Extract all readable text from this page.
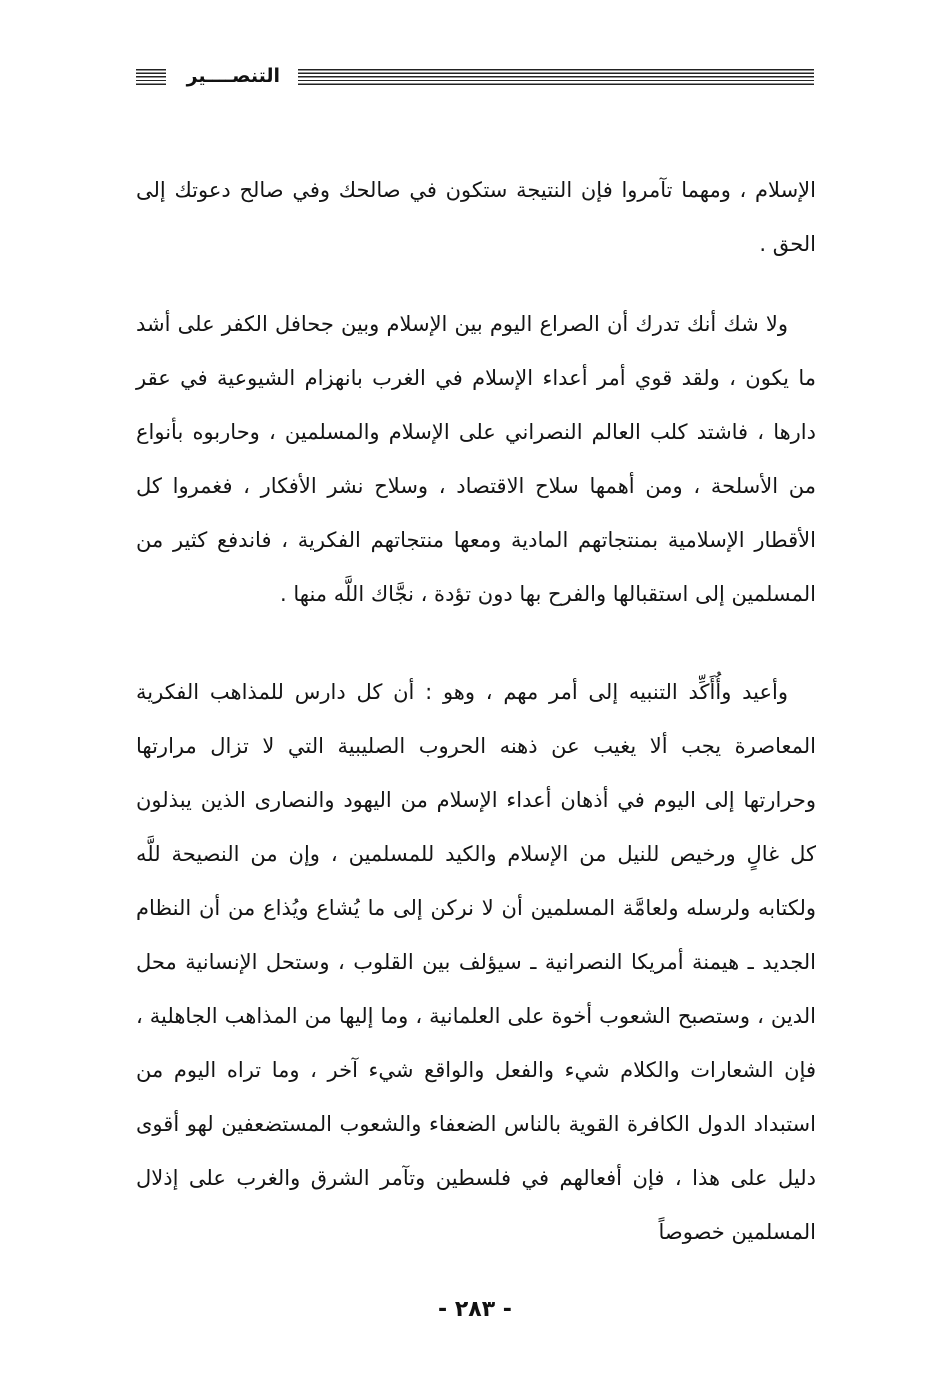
التنصــــير
الإسلام ، ومهما تآمروا فإن النتيجة ستكون في صالحك وفي صالح دعوتك إلى الحق .
ولا شك أنك تدرك أن الصراع اليوم بين الإسلام وبين جحافل الكفر على أشد ما يكون ، ولقد قوي أمر أعداء الإسلام في الغرب بانهزام الشيوعية في عقر دارها ، فاشتد كلب العالم النصراني على الإسلام والمسلمين ، وحاربوه بأنواع من الأسلحة ، ومن أهمها سلاح الاقتصاد ، وسلاح نشر الأفكار ، فغمروا كل الأقطار الإسلامية بمنتجاتهم المادية ومعها منتجاتهم الفكرية ، فاندفع كثير من المسلمين إلى استقبالها والفرح بها دون تؤدة ، نجَّاك اللَّه منها .
وأعيد وأُأَكِّد التنبيه إلى أمر مهم ، وهو : أن كل دارس للمذاهب الفكرية المعاصرة يجب ألا يغيب عن ذهنه الحروب الصليبية التي لا تزال مرارتها وحرارتها إلى اليوم في أذهان أعداء الإسلام من اليهود والنصارى الذين يبذلون كل غالٍ ورخيص للنيل من الإسلام والكيد للمسلمين ، وإن من النصيحة للَّه ولكتابه ولرسله ولعامَّة المسلمين أن لا نركن إلى ما يُشاع ويُذاع من أن النظام الجديد ـ هيمنة أمريكا النصرانية ـ سيؤلف بين القلوب ، وستحل الإنسانية محل الدين ، وستصبح الشعوب أخوة على العلمانية ، وما إليها من المذاهب الجاهلية ، فإن الشعارات والكلام شيء والفعل والواقع شيء آخر ، وما تراه اليوم من استبداد الدول الكافرة القوية بالناس الضعفاء والشعوب المستضعفين لهو أقوى دليل على هذا ، فإن أفعالهم في فلسطين وتآمر الشرق والغرب على إذلال المسلمين خصوصاً
- ٢٨٣ -
